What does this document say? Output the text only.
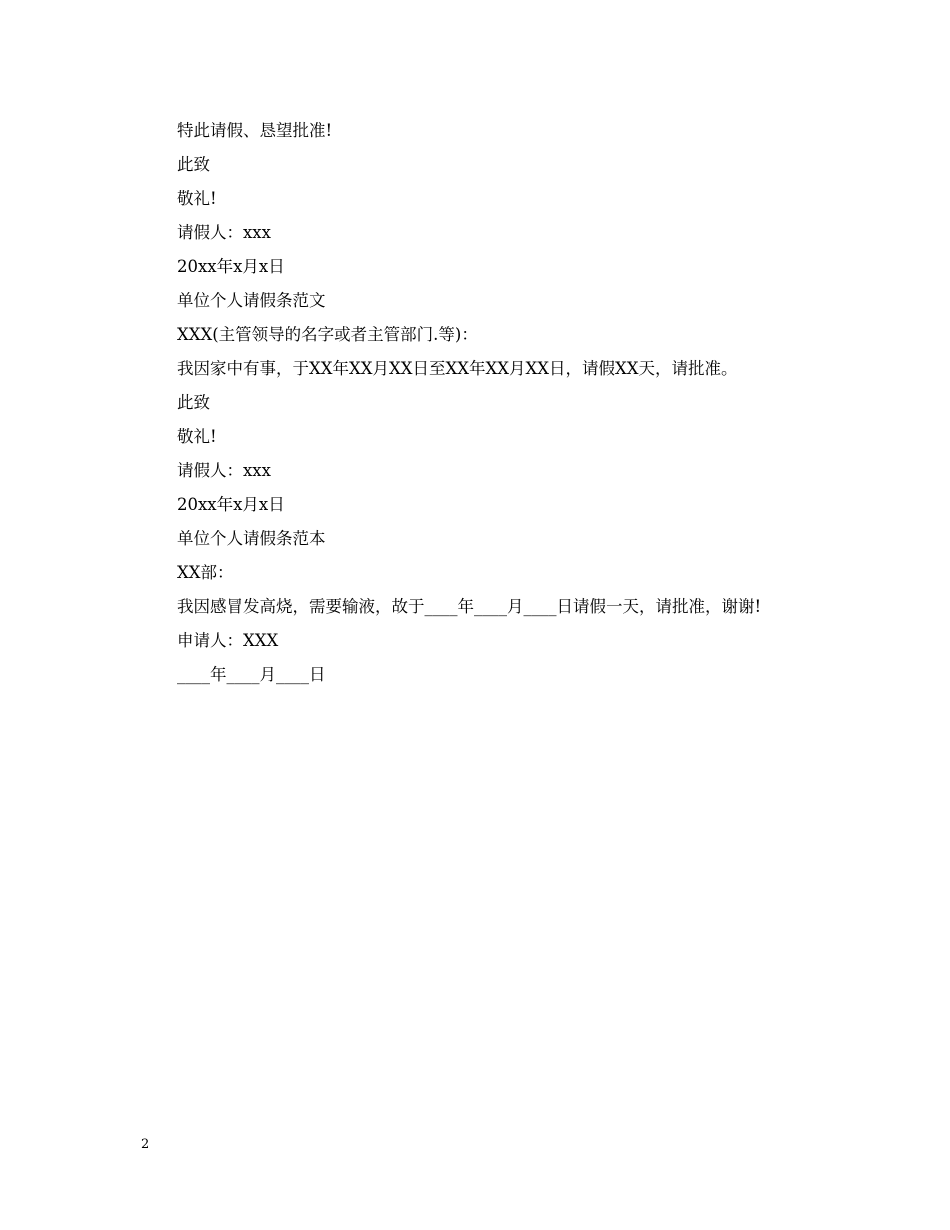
特此请假、恳望批准!
此致
敬礼!
请假人：xxx
20xx年x月x日
单位个人请假条范文
XXX(主管领导的名字或者主管部门.等)：
我因家中有事，于XX年XX月XX日至XX年XX月XX日，请假XX天，请批准。
此致
敬礼!
请假人：xxx
20xx年x月x日
单位个人请假条范本
XX部：
我因感冒发高烧，需要输液，故于____年____月____日请假一天，请批准，谢谢!
申请人：XXX
____年____月____日
2
